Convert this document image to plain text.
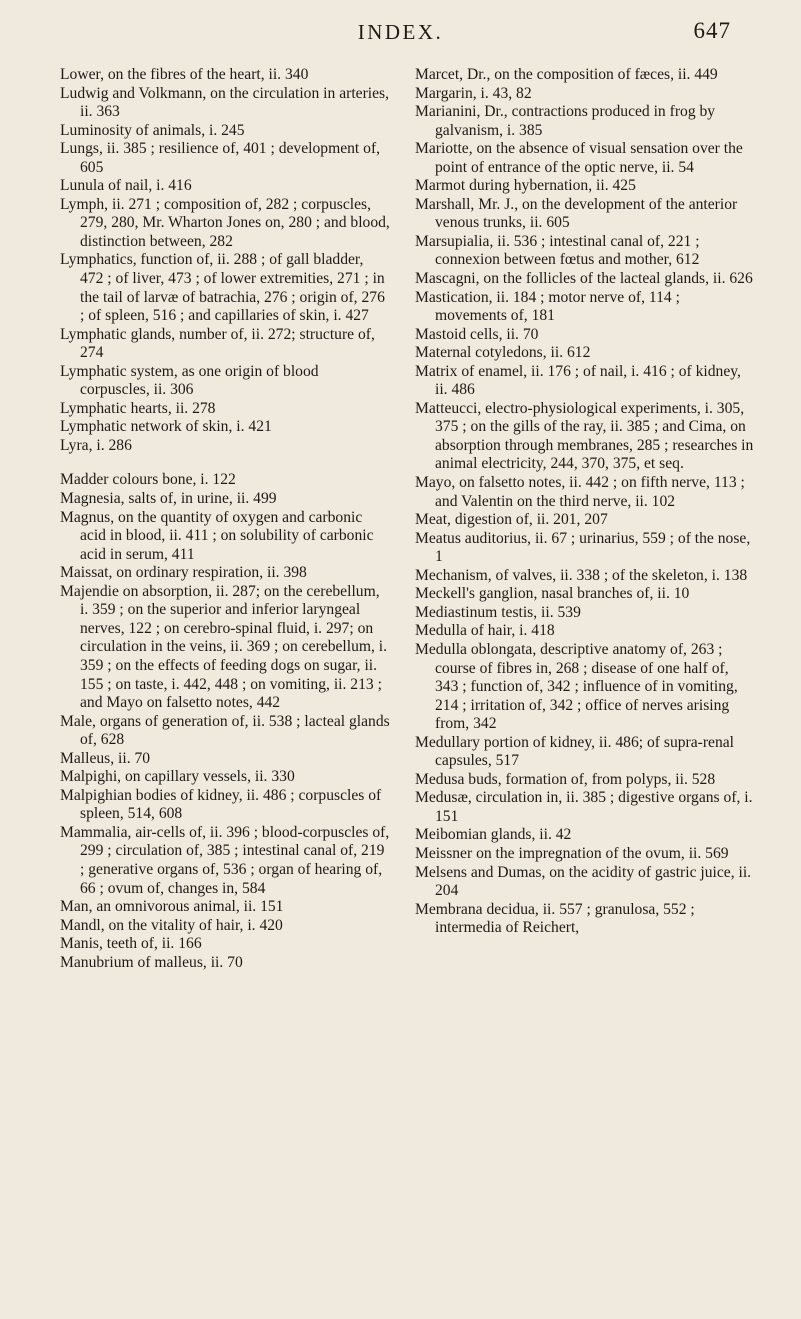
INDEX.	647

Lower, on the fibres of the heart, ii. 340

Ludwig and Volkmann, on the circulation in arteries, ii. 363

Luminosity of animals, i. 245

Lungs, ii. 385 ; resilience of, 401 ; development of, 605

Lunula of nail, i. 416

Lymph, ii. 271 ; composition of, 282 ; corpuscles, 279, 280, Mr. Wharton Jones on, 280 ; and blood, distinction between, 282

Lymphatics, function of, ii. 288 ; of gall bladder, 472 ; of liver, 473 ; of lower extremities, 271 ; in the tail of larvæ of batrachia, 276 ; origin of, 276 ; of spleen, 516 ; and capillaries of skin, i. 427

Lymphatic glands, number of, ii. 272; structure of, 274

Lymphatic system, as one origin of blood corpuscles, ii. 306

Lymphatic hearts, ii. 278

Lymphatic network of skin, i. 421

Lyra, i. 286

Madder colours bone, i. 122

Magnesia, salts of, in urine, ii. 499

Magnus, on the quantity of oxygen and carbonic acid in blood, ii. 411 ; on solubility of carbonic acid in serum, 411

Maissat, on ordinary respiration, ii. 398

Majendie on absorption, ii. 287; on the cerebellum, i. 359 ; on the superior and inferior laryngeal nerves, 122 ; on cerebro-spinal fluid, i. 297; on circulation in the veins, ii. 369 ; on cerebellum, i. 359 ; on the effects of feeding dogs on sugar, ii. 155 ; on taste, i. 442, 448 ; on vomiting, ii. 213 ; and Mayo on falsetto notes, 442

Male, organs of generation of, ii. 538 ; lacteal glands of, 628

Malleus, ii. 70

Malpighi, on capillary vessels, ii. 330

Malpighian bodies of kidney, ii. 486 ; corpuscles of spleen, 514, 608

Mammalia, air-cells of, ii. 396 ; blood-corpuscles of, 299 ; circulation of, 385 ; intestinal canal of, 219 ; generative organs of, 536 ; organ of hearing of, 66 ; ovum of, changes in, 584

Man, an omnivorous animal, ii. 151

Mandl, on the vitality of hair, i. 420

Manis, teeth of, ii. 166

Manubrium of malleus, ii. 70

Marcet, Dr., on the composition of fæces, ii. 449

Margarin, i. 43, 82

Marianini, Dr., contractions produced in frog by galvanism, i. 385

Mariotte, on the absence of visual sensation over the point of entrance of the optic nerve, ii. 54

Marmot during hybernation, ii. 425

Marshall, Mr. J., on the development of the anterior venous trunks, ii. 605

Marsupialia, ii. 536 ; intestinal canal of, 221 ; connexion between fœtus and mother, 612

Mascagni, on the follicles of the lacteal glands, ii. 626

Mastication, ii. 184 ; motor nerve of, 114 ; movements of, 181

Mastoid cells, ii. 70

Maternal cotyledons, ii. 612

Matrix of enamel, ii. 176 ; of nail, i. 416 ; of kidney, ii. 486

Matteucci, electro-physiological experiments, i. 305, 375 ; on the gills of the ray, ii. 385 ; and Cima, on absorption through membranes, 285 ; researches in animal electricity, 244, 370, 375, et seq.

Mayo, on falsetto notes, ii. 442 ; on fifth nerve, 113 ; and Valentin on the third nerve, ii. 102

Meat, digestion of, ii. 201, 207

Meatus auditorius, ii. 67 ; urinarius, 559 ; of the nose, 1

Mechanism, of valves, ii. 338 ; of the skeleton, i. 138

Meckell's ganglion, nasal branches of, ii. 10

Mediastinum testis, ii. 539

Medulla of hair, i. 418

Medulla oblongata, descriptive anatomy of, 263 ; course of fibres in, 268 ; disease of one half of, 343 ; function of, 342 ; influence of in vomiting, 214 ; irritation of, 342 ; office of nerves arising from, 342

Medullary portion of kidney, ii. 486; of supra-renal capsules, 517

Medusa buds, formation of, from polyps, ii. 528

Medusæ, circulation in, ii. 385 ; digestive organs of, i. 151

Meibomian glands, ii. 42

Meissner on the impregnation of the ovum, ii. 569

Melsens and Dumas, on the acidity of gastric juice, ii. 204

Membrana decidua, ii. 557 ; granulosa, 552 ; intermedia of Reichert,
